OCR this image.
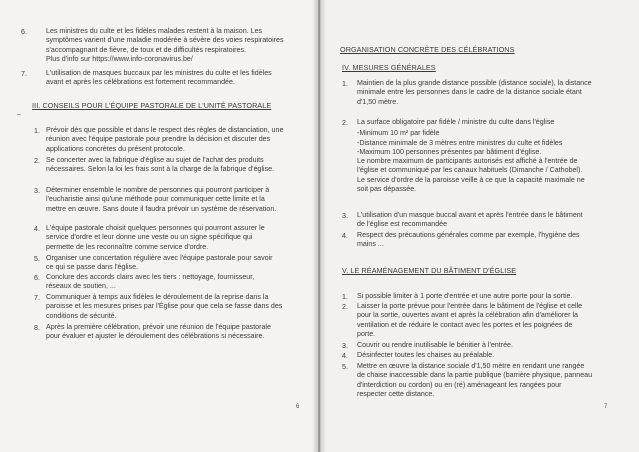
6.	Les ministres du culte et les fidèles malades restent à la maison. Les
symptômes varient d'une maladie modérée à sévère des voies respiratoires
s'accompagnant de fièvre, de toux et de difficultés respiratoires.
Plus d'info sur https://www.info-coronavirus.be/
7.	L'utilisation de masques buccaux par les ministres du culte et les fidèles
avant et après les célébrations est fortement recommandée.
III. CONSEILS POUR L'ÉQUIPE PASTORALE DE L'UNITÉ PASTORALE
–
1. Prévoir dès que possible et dans le respect des règles de distanciation, une
réunion avec l'équipe pastorale pour prendre la décision et discuter des
applications concrètes du présent protocole.
2. Se concerter avec la fabrique d'église au sujet de l'achat des produits
nécessaires. Selon la loi les frais sont à la charge de la fabrique d'église.
3. Déterminer ensemble le nombre de personnes qui pourront participer à
l'eucharistie ainsi qu'une méthode pour communiquer cette limite et la
mettre en œuvre. Sans doute il faudra prévoir un système de réservation.
4. L'équipe pastorale choisit quelques personnes qui pourront assurer le
service d'ordre et leur donne une veste ou un signe spécifique qui
permette de les reconnaître comme service d'ordre.
5. Organiser une concertation régulière avec l'équipe pastorale pour savoir
ce qui se passe dans l'église.
6. Conclure des accords clairs avec les tiers : nettoyage, fournisseur,
réseaux de soutien, ...
7. Communiquer à temps aux fidèles le déroulement de la reprise dans la
paroisse et les mesures prises par l'Église pour que cela se fasse dans des
conditions de sécurité.
8. Après la première célébration, prévoir une réunion de l'équipe pastorale
pour évaluer et ajuster le déroulement des célébrations si nécessaire.
6
ORGANISATION CONCRÈTE DES CÉLÉBRATIONS
IV. MESURES GÉNÉRALES
1. Maintien de la plus grande distance possible (distance sociale), la distance
minimale entre les personnes dans le cadre de la distance sociale étant
d'1,50 mètre.
2. La surface obligatoire par fidèle / ministre du culte dans l'église
-Minimum 10 m² par fidèle
-Distance minimale de 3 mètres entre ministres du culte et fidèles
-Maximum 100 personnes présentes par bâtiment d'église.
Le nombre maximum de participants autorisés est affiché à l'entrée de
l'église et communiqué par les canaux habituels (Dimanche / Cathobel).
Le service d'ordre de la paroisse veille à ce que la capacité maximale ne
soit pas dépassée.
3. L'utilisation d'un masque buccal avant et après l'entrée dans le bâtiment
de l'église est recommandée
4. Respect des précautions générales comme par exemple, l'hygiène des
mains ...
V. LE RÉAMÉNAGEMENT DU BÂTIMENT D'ÉGLISE
1. Si possible limiter à 1 porte d'entrée et une autre porte pour la sortie.
2. Laisser la porte prévue pour l'entrée dans le bâtiment de l'église et celle
pour la sortie, ouvertes avant et après la célébration afin d'améliorer la
ventilation et de réduire le contact avec les portes et les poignées de
porte.
3. Couvrir ou rendre inutilisable le bénitier à l'entrée.
4. Désinfecter toutes les chaises au préalable.
5. Mettre en œuvre la distance sociale d'1,50 mètre en rendant une rangée
de chaise inaccessible dans la partie publique (barrière physique, panneau
d'interdiction ou cordon) ou en (ré) aménageant les rangées pour
respecter cette distance.
7
